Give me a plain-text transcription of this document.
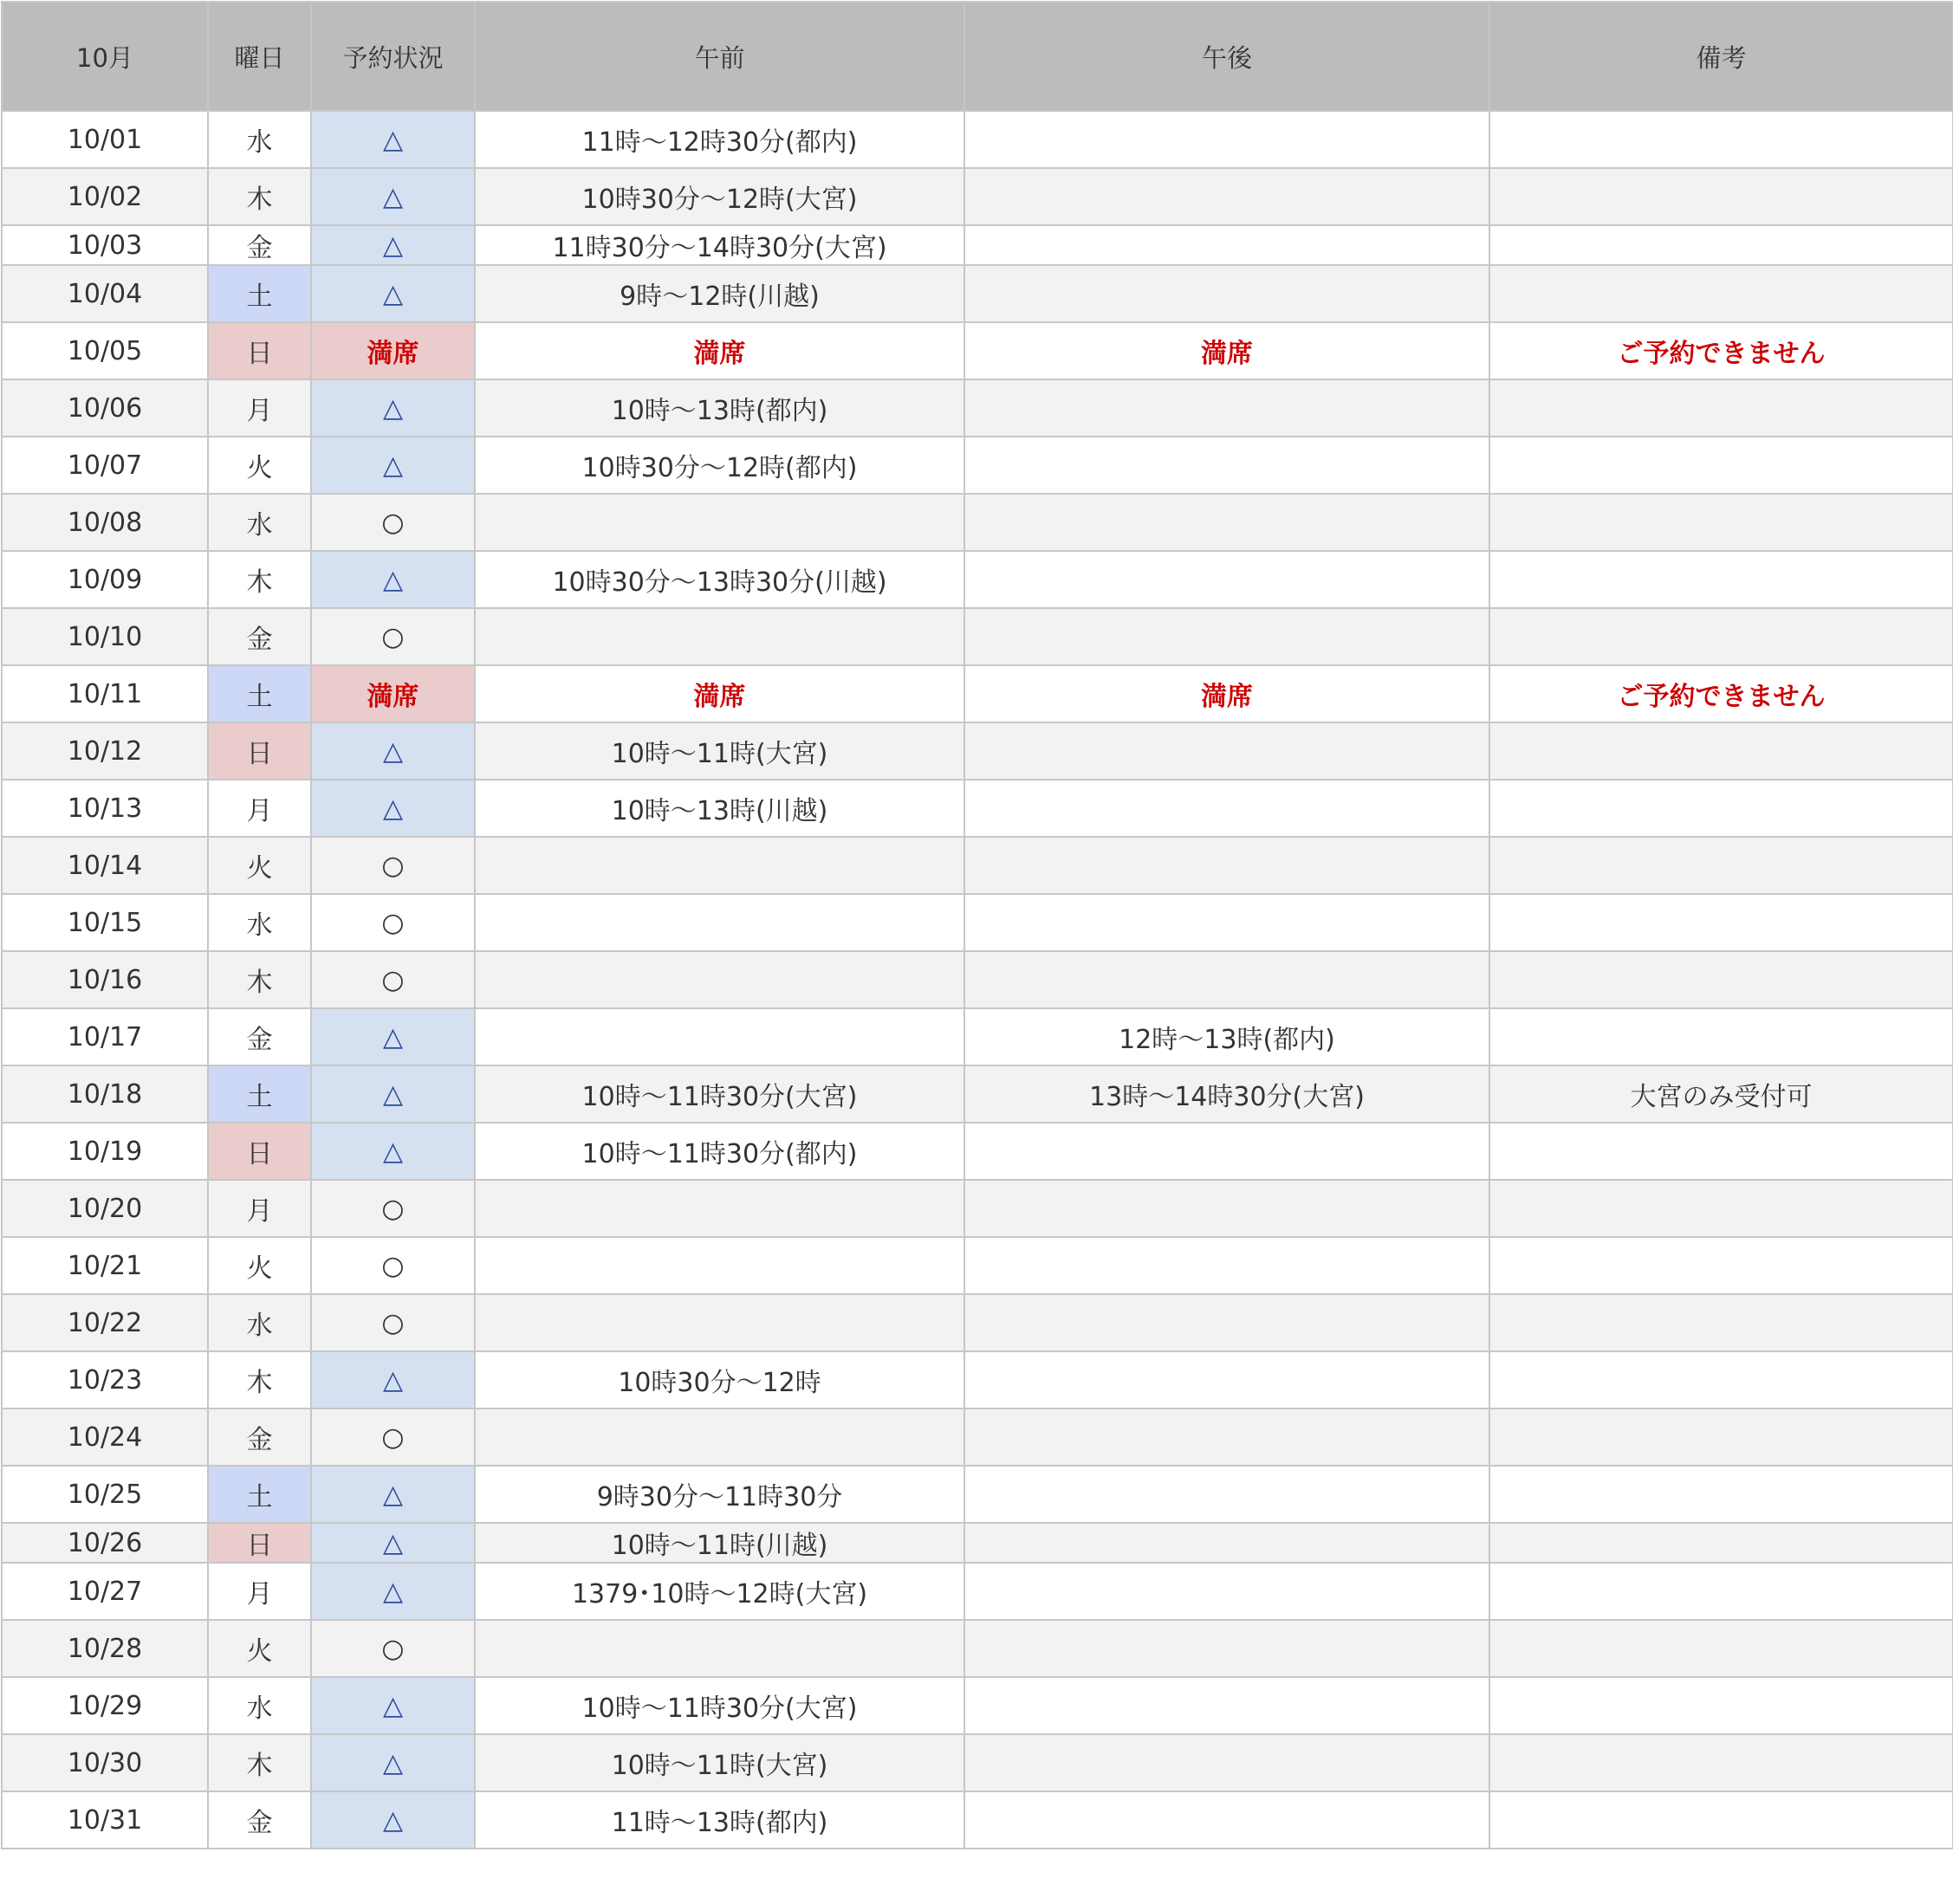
10月	曜日	予約状況	午前	午後	備考
10/01	水	△	11時～12時30分(都内)		
10/02	木	△	10時30分～12時(大宮)		
10/03	金	△	11時30分～14時30分(大宮)		
10/04	土	△	9時～12時(川越)		
10/05	日	満席	満席	満席	ご予約できません
10/06	月	△	10時～13時(都内)		
10/07	火	△	10時30分～12時(都内)		
10/08	水	○			
10/09	木	△	10時30分～13時30分(川越)		
10/10	金	○			
10/11	土	満席	満席	満席	ご予約できません
10/12	日	△	10時～11時(大宮)		
10/13	月	△	10時～13時(川越)		
10/14	火	○			
10/15	水	○			
10/16	木	○			
10/17	金	△		12時～13時(都内)	
10/18	土	△	10時～11時30分(大宮)	13時～14時30分(大宮)	大宮のみ受付可
10/19	日	△	10時～11時30分(都内)		
10/20	月	○			
10/21	火	○			
10/22	水	○			
10/23	木	△	10時30分～12時		
10/24	金	○			
10/25	土	△	9時30分～11時30分		
10/26	日	△	10時～11時(川越)		
10/27	月	△	1379･10時～12時(大宮)		
10/28	火	○			
10/29	水	△	10時～11時30分(大宮)		
10/30	木	△	10時～11時(大宮)		
10/31	金	△	11時～13時(都内)		
